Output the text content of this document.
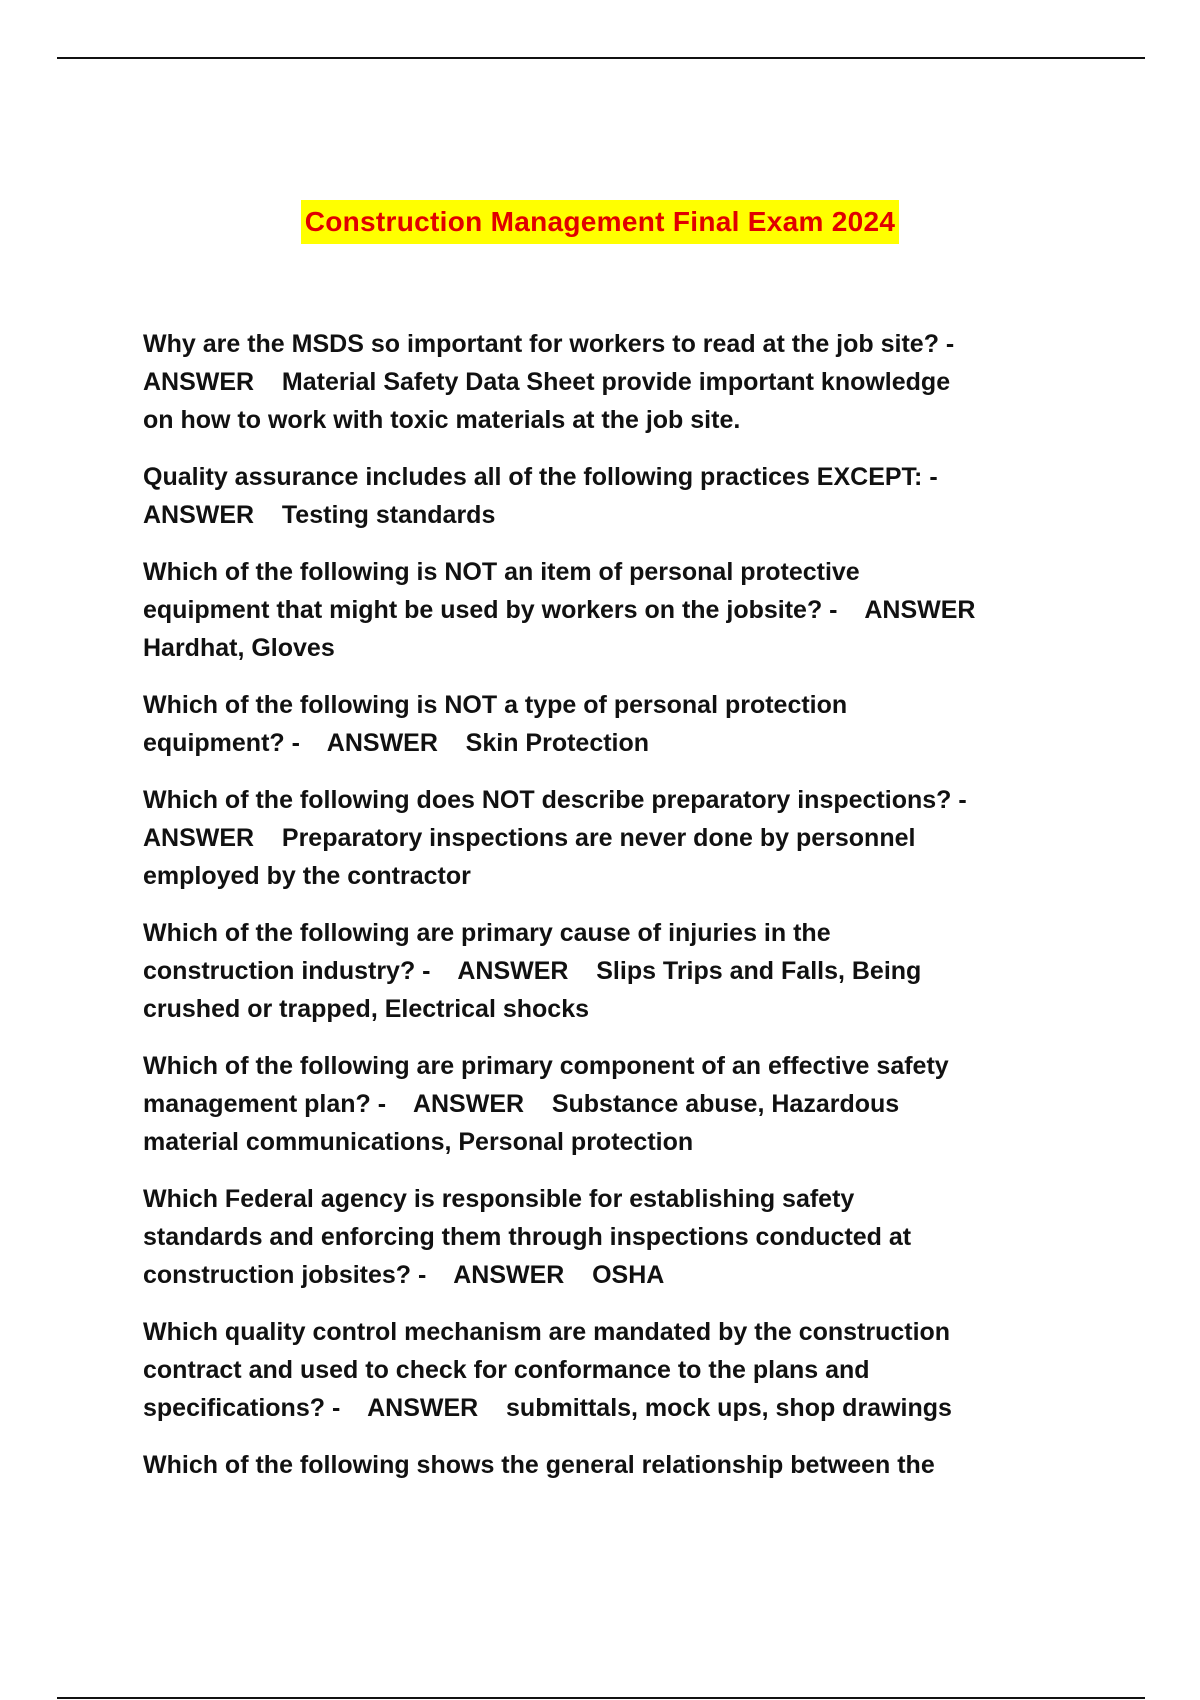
Construction Management Final Exam 2024
Why are the MSDS so important for workers to read at the job site? -
ANSWER    Material Safety Data Sheet provide important knowledge
on how to work with toxic materials at the job site.
Quality assurance includes all of the following practices EXCEPT: -
ANSWER    Testing standards
Which of the following is NOT an item of personal protective
equipment that might be used by workers on the jobsite? -    ANSWER
Hardhat, Gloves
Which of the following is NOT a type of personal protection
equipment? -    ANSWER    Skin Protection
Which of the following does NOT describe preparatory inspections? -
ANSWER    Preparatory inspections are never done by personnel
employed by the contractor
Which of the following are primary cause of injuries in the
construction industry? -    ANSWER    Slips Trips and Falls, Being
crushed or trapped, Electrical shocks
Which of the following are primary component of an effective safety
management plan? -    ANSWER    Substance abuse, Hazardous
material communications, Personal protection
Which Federal agency is responsible for establishing safety
standards and enforcing them through inspections conducted at
construction jobsites? -    ANSWER    OSHA
Which quality control mechanism are mandated by the construction
contract and used to check for conformance to the plans and
specifications? -    ANSWER    submittals, mock ups, shop drawings
Which of the following shows the general relationship between the
